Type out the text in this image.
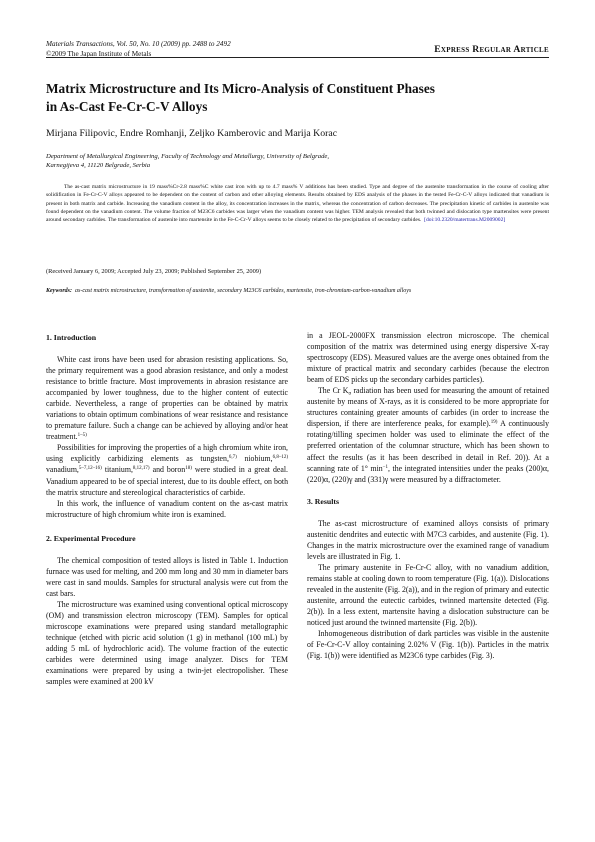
Materials Transactions, Vol. 50, No. 10 (2009) pp. 2488 to 2492
©2009 The Japan Institute of Metals	Express Regular Article
Matrix Microstructure and Its Micro-Analysis of Constituent Phases
in As-Cast Fe-Cr-C-V Alloys

Mirjana Filipovic, Endre Romhanji, Zeljko Kamberovic and Marija Korac

Department of Metallurgical Engineering, Faculty of Technology and Metallurgy, University of Belgrade,
Karnegijeva 4, 11120 Belgrade, Serbia

The as-cast matrix microstructure in 19 mass%Cr-2.8 mass%C white cast iron with up to 4.7 mass% V additions has been studied. Type and degree of the austenite transformation in the course of cooling after solidification in Fe-Cr-C-V alloys appeared to be dependent on the content of carbon and other alloying elements. Results obtained by EDS analysis of the phases in the tested Fe-Cr-C-V alloys indicated that vanadium is present in both matrix and carbide. Increasing the vanadium content in the alloy, its concentration increases in the matrix, whereas the concentration of carbon decreases. The precipitation kinetic of carbides in austenite was found dependent on the vanadium content. The volume fraction of M23C6 carbides was larger when the vanadium content was higher. TEM analysis revealed that both twinned and dislocation type martensites were present around secondary carbides. The transformation of austenite into martensite in the Fe-C-Cr-V alloys seems to be closely related to the precipitation of secondary carbides. [doi:10.2320/matertrans.M2009002]

(Received January 6, 2009; Accepted July 23, 2009; Published September 25, 2009)

Keywords: as-cast matrix microstructure, transformation of austenite, secondary M23C6 carbides, martensite, iron-chromium-carbon-vanadium alloys

1. Introduction

White cast irons have been used for abrasion resisting applications. So, the primary requirement was a good abrasion resistance, and only a modest resistance to brittle fracture. Most improvements in abrasion resistance are accompanied by lower toughness, due to the higher content of eutectic carbide. Nevertheless, a range of properties can be obtained by matrix variations to obtain optimum combinations of wear resistance and resistance to premature failure. Such a change can be achieved by alloying and/or heat treatment.$^{1-5)}$

Possibilities for improving the properties of a high chromium white iron, using explicitly carbidizing elements as tungsten,$^{6,7)}$ niobium,$^{6,8-12)}$ vanadium,$^{5-7,12-16)}$ titanium,$^{8,12,17)}$ and boron$^{18)}$ were studied in a great deal. Vanadium appeared to be of special interest, due to its double effect, on both the matrix structure and stereological characteristics of carbide.

In this work, the influence of vanadium content on the as-cast matrix microstructure of high chromium white iron is examined.

2. Experimental Procedure

The chemical composition of tested alloys is listed in Table 1. Induction furnace was used for melting, and 200 mm long and 30 mm in diameter bars were cast in sand moulds. Samples for structural analysis were cut from the cast bars.

The microstructure was examined using conventional optical microscopy (OM) and transmission electron microscopy (TEM). Samples for optical microscope examinations were prepared using standard metallographic technique (etched with picric acid solution (1 g) in methanol (100 mL) by adding 5 mL of hydrochloric acid). The volume fraction of the eutectic carbides were determined using image analyzer. Discs for TEM examinations were prepared by using a twin-jet electropolisher. These samples were examined at 200 kV

in a JEOL-2000FX transmission electron microscope. The chemical composition of the matrix was determined using energy dispersive X-ray spectroscopy (EDS). Measured values are the averge ones obtained from the mixture of practical matrix and secondary carbides (because the electron beam of EDS picks up the secondary carbides particles).

The Cr $K_\alpha$ radiation has been used for measuring the amount of retained austenite by means of X-rays, as it is considered to be more appropriate for structures containing greater amounts of carbides (in order to increase the dispersion, if there are interference peaks, for example).$^{19)}$ A continuously rotating/tilling specimen holder was used to eliminate the effect of the preferred orientation of the columnar structure, which has been shown to affect the results (as it has been described in detail in Ref. 20)). At a scanning rate of 1° $\min^{-1}$, the integrated intensities under the peaks (200)α, (220)α, (220)γ and (331)γ were measured by a diffractometer.

3. Results

The as-cast microstructure of examined alloys consists of primary austenitic dendrites and eutectic with M7C3 carbides, and austenite (Fig. 1). Changes in the matrix microstructure over the examined range of vanadium levels are illustrated in Fig. 1.

The primary austenite in Fe-Cr-C alloy, with no vanadium addition, remains stable at cooling down to room temperature (Fig. 1(a)). Dislocations revealed in the austenite (Fig. 2(a)), and in the region of primary and eutectic austenite, arround the eutectic carbides, twinned martensite detected (Fig. 2(b)). In a less extent, martensite having a dislocation substructure can be noticed just around the twinned martensite (Fig. 2(b)).

Inhomogeneous distribution of dark particles was visible in the austenite of Fe-Cr-C-V alloy containing 2.02% V (Fig. 1(b)). Particles in the matrix (Fig. 1(b)) were identified as M23C6 type carbides (Fig. 3).
